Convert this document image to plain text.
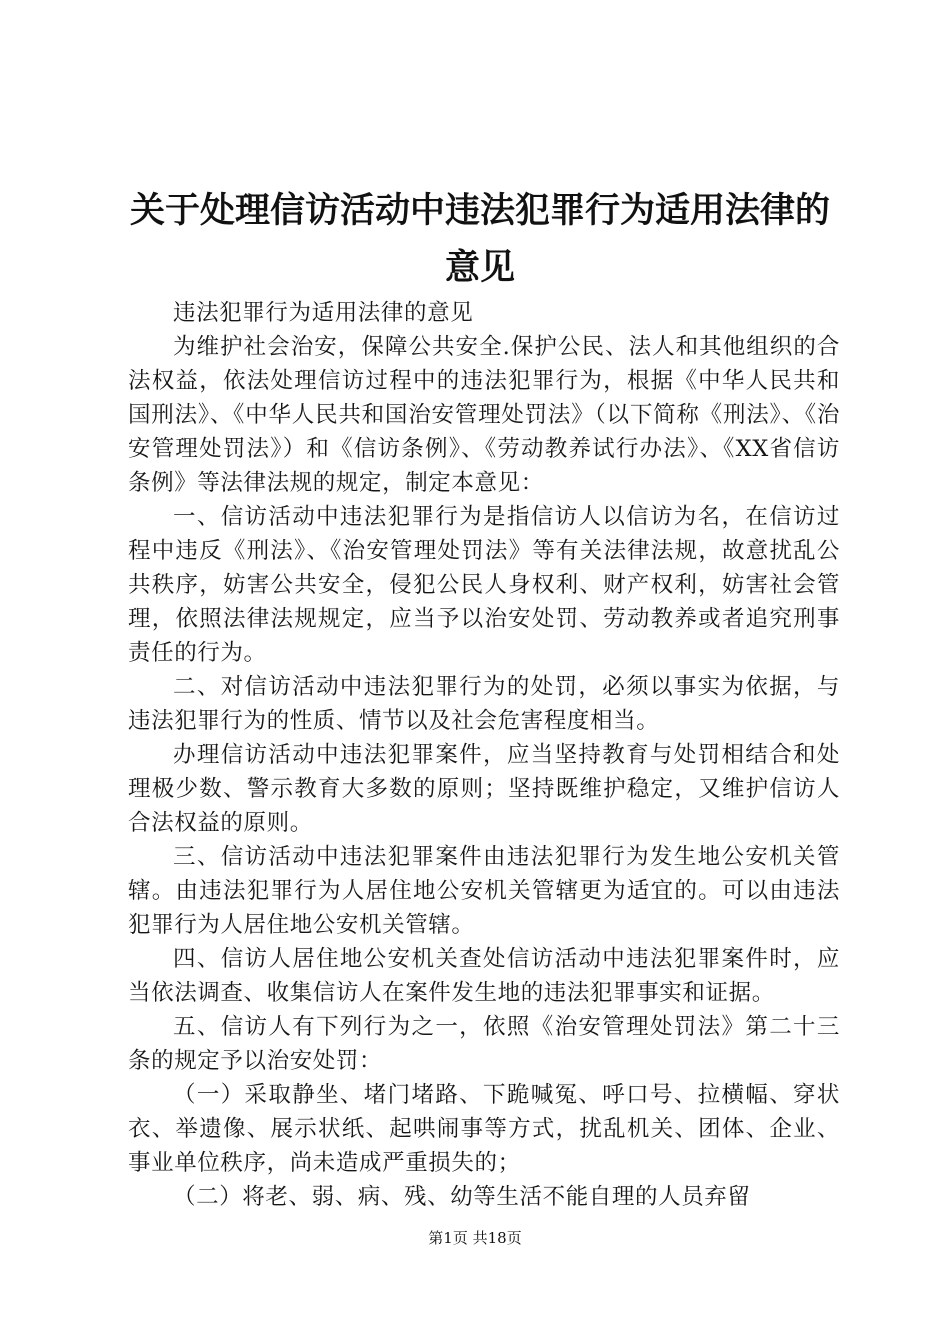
关于处理信访活动中违法犯罪行为适用法律的
意见

违法犯罪行为适用法律的意见

为维护社会治安，保障公共安全.保护公民、法人和其他组织的合法权益，依法处理信访过程中的违法犯罪行为，根据《中华人民共和国刑法》、《中华人民共和国治安管理处罚法》（以下简称《刑法》、《治安管理处罚法》）和《信访条例》、《劳动教养试行办法》、《XX省信访条例》等法律法规的规定，制定本意见：

一、信访活动中违法犯罪行为是指信访人以信访为名，在信访过程中违反《刑法》、《治安管理处罚法》等有关法律法规，故意扰乱公共秩序，妨害公共安全，侵犯公民人身权利、财产权利，妨害社会管理，依照法律法规规定，应当予以治安处罚、劳动教养或者追究刑事责任的行为。

二、对信访活动中违法犯罪行为的处罚，必须以事实为依据，与违法犯罪行为的性质、情节以及社会危害程度相当。

办理信访活动中违法犯罪案件，应当坚持教育与处罚相结合和处理极少数、警示教育大多数的原则；坚持既维护稳定，又维护信访人合法权益的原则。

三、信访活动中违法犯罪案件由违法犯罪行为发生地公安机关管辖。由违法犯罪行为人居住地公安机关管辖更为适宜的。可以由违法犯罪行为人居住地公安机关管辖。

四、信访人居住地公安机关查处信访活动中违法犯罪案件时，应当依法调查、收集信访人在案件发生地的违法犯罪事实和证据。

五、信访人有下列行为之一，依照《治安管理处罚法》第二十三条的规定予以治安处罚：

（一）采取静坐、堵门堵路、下跪喊冤、呼口号、拉横幅、穿状衣、举遗像、展示状纸、起哄闹事等方式，扰乱机关、团体、企业、事业单位秩序，尚未造成严重损失的；

（二）将老、弱、病、残、幼等生活不能自理的人员弃留

第1页 共18页
